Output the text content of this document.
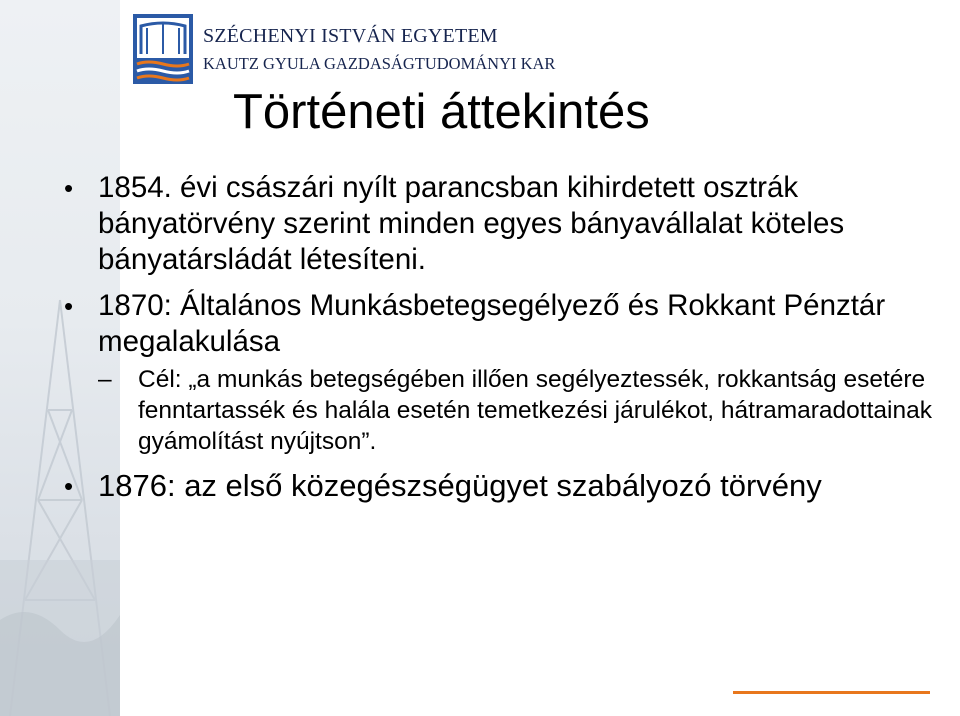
SZÉCHENYI ISTVÁN EGYETEM
KAUTZ GYULA GAZDASÁGTUDOMÁNYI KAR
Történeti áttekintés
• 1854. évi császári nyílt parancsban kihirdetett osztrák bányatörvény szerint minden egyes bányavállalat köteles bányatársládát létesíteni.
• 1870: Általános Munkásbetegsegélyező és Rokkant Pénztár megalakulása
– Cél: „a munkás betegségében illően segélyeztessék, rokkantság esetére fenntartassék és halála esetén temetkezési járulékot, hátramaradottainak gyámolítást nyújtson”.
• 1876: az első közegészségügyet szabályozó törvény
